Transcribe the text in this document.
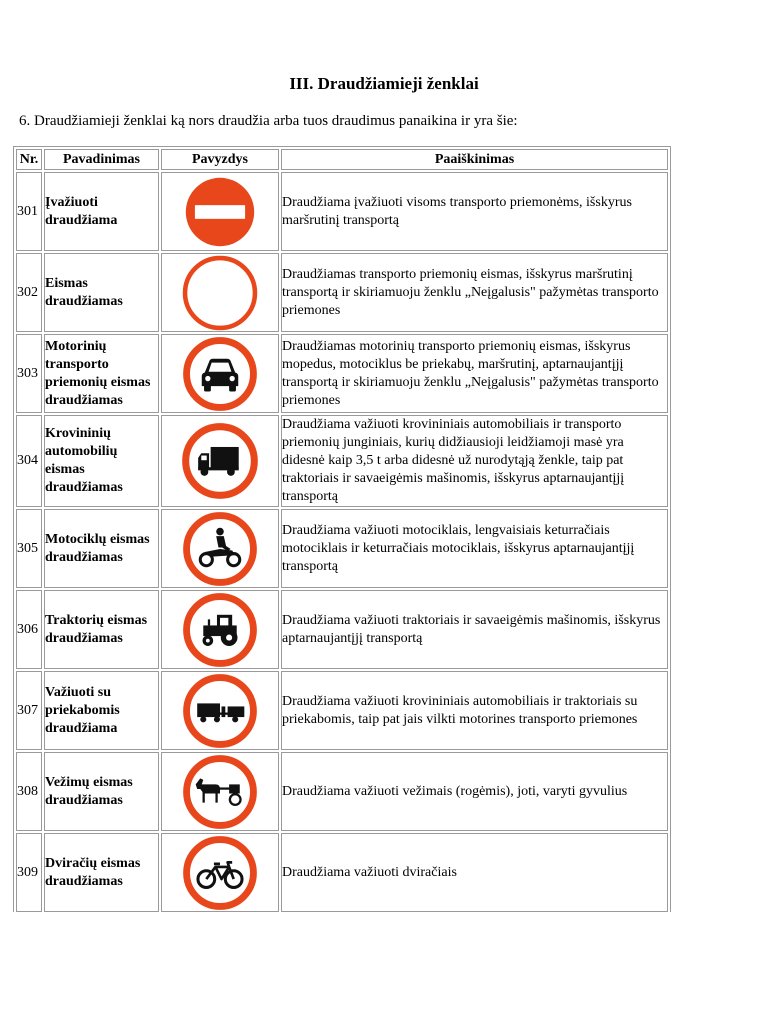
III. Draudžiamieji ženklai
6. Draudžiamieji ženklai ką nors draudžia arba tuos draudimus panaikina ir yra šie:
Nr.	Pavadinimas	Pavyzdys	Paaiškinimas
301	Įvažiuoti draudžiama		Draudžiama įvažiuoti visoms transporto priemonėms, išskyrus maršrutinį transportą
302	Eismas draudžiamas		Draudžiamas transporto priemonių eismas, išskyrus maršrutinį transportą ir skiriamuoju ženklu „Neįgalusis" pažymėtas transporto priemones
303	Motorinių transporto priemonių eismas draudžiamas		Draudžiamas motorinių transporto priemonių eismas, išskyrus mopedus, motociklus be priekabų, maršrutinį, aptarnaujantįjį transportą ir skiriamuoju ženklu „Neįgalusis" pažymėtas transporto priemones
304	Krovininių automobilių eismas draudžiamas		Draudžiama važiuoti krovininiais automobiliais ir transporto priemonių junginiais, kurių didžiausioji leidžiamoji masė yra didesnė kaip 3,5 t arba didesnė už nurodytąją ženkle, taip pat traktoriais ir savaeigėmis mašinomis, išskyrus aptarnaujantįjį transportą
305	Motociklų eismas draudžiamas		Draudžiama važiuoti motociklais, lengvaisiais keturračiais motociklais ir keturračiais motociklais, išskyrus aptarnaujantįjį transportą
306	Traktorių eismas draudžiamas		Draudžiama važiuoti traktoriais ir savaeigėmis mašinomis, išskyrus aptarnaujantįjį transportą
307	Važiuoti su priekabomis draudžiama		Draudžiama važiuoti krovininiais automobiliais ir traktoriais su priekabomis, taip pat jais vilkti motorines transporto priemones
308	Vežimų eismas draudžiamas		Draudžiama važiuoti vežimais (rogėmis), joti, varyti gyvulius
309	Dviračių eismas draudžiamas		Draudžiama važiuoti dviračiais
